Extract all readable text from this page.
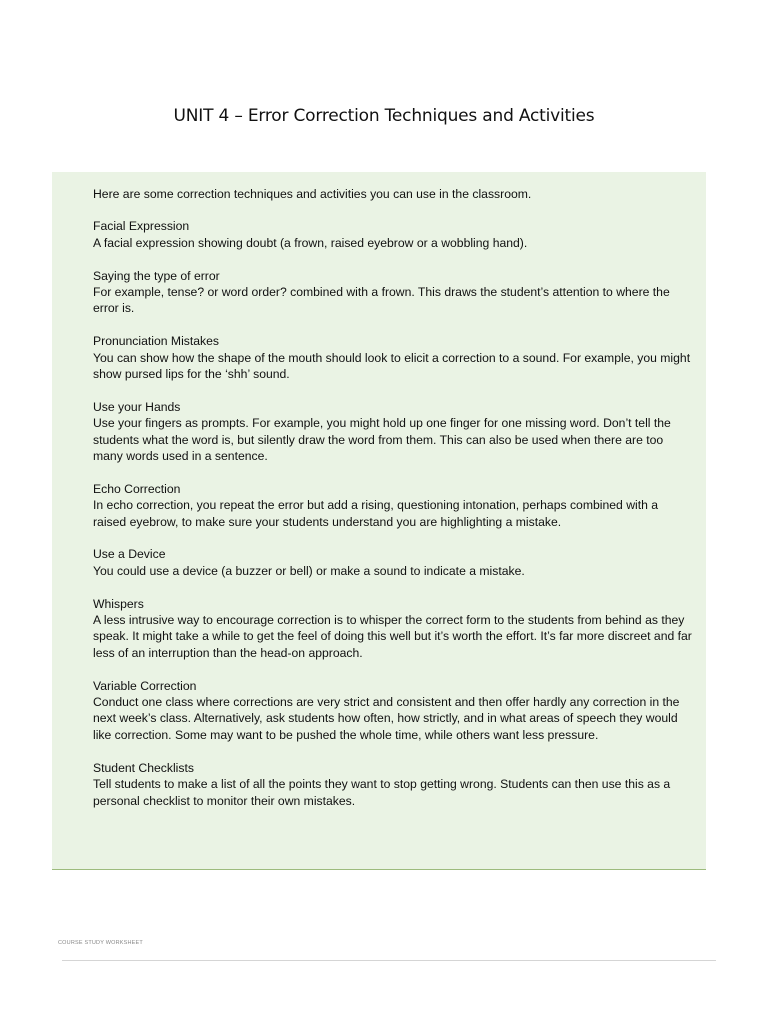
UNIT 4 – Error Correction Techniques and Activities

Here are some correction techniques and activities you can use in the classroom.

Facial Expression

A facial expression showing doubt (a frown, raised eyebrow or a wobbling hand).

Saying the type of error

For example, tense? or word order? combined with a frown. This draws the student’s attention to where the error is.

Pronunciation Mistakes

You can show how the shape of the mouth should look to elicit a correction to a sound. For example, you might show pursed lips for the ‘shh’ sound.

Use your Hands

Use your fingers as prompts. For example, you might hold up one finger for one missing word. Don’t tell the students what the word is, but silently draw the word from them. This can also be used when there are too many words used in a sentence.

Echo Correction

In echo correction, you repeat the error but add a rising, questioning intonation, perhaps combined with a raised eyebrow, to make sure your students understand you are highlighting a mistake.

Use a Device

You could use a device (a buzzer or bell) or make a sound to indicate a mistake.

Whispers

A less intrusive way to encourage correction is to whisper the correct form to the students from behind as they speak. It might take a while to get the feel of doing this well but it’s worth the effort. It’s far more discreet and far less of an interruption than the head-on approach.

Variable Correction

Conduct one class where corrections are very strict and consistent and then offer hardly any correction in the next week’s class. Alternatively, ask students how often, how strictly, and in what areas of speech they would like correction. Some may want to be pushed the whole time, while others want less pressure.

Student Checklists

Tell students to make a list of all the points they want to stop getting wrong. Students can then use this as a personal checklist to monitor their own mistakes.

COURSE STUDY WORKSHEET
